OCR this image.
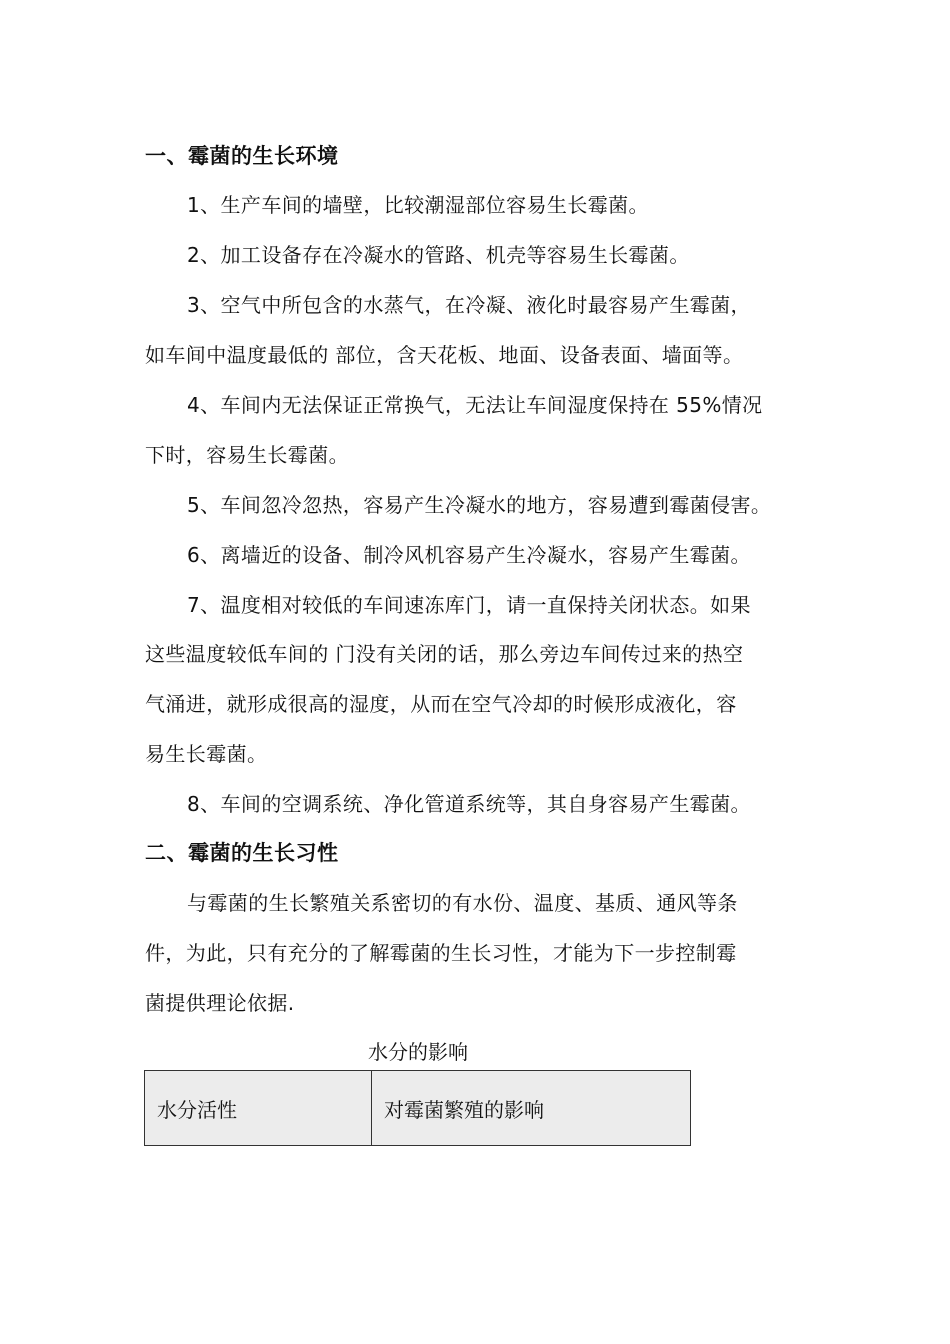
一、霉菌的生长环境
1、生产车间的墙壁，比较潮湿部位容易生长霉菌。
2、加工设备存在冷凝水的管路、机壳等容易生长霉菌。
3、空气中所包含的水蒸气，在冷凝、液化时最容易产生霉菌，
如车间中温度最低的 部位，含天花板、地面、设备表面、墙面等。
4、车间内无法保证正常换气，无法让车间湿度保持在 55%情况
下时，容易生长霉菌。
5、车间忽冷忽热，容易产生冷凝水的地方，容易遭到霉菌侵害。
6、离墙近的设备、制冷风机容易产生冷凝水，容易产生霉菌。
7、温度相对较低的车间速冻库门，请一直保持关闭状态。如果
这些温度较低车间的 门没有关闭的话，那么旁边车间传过来的热空
气涌进，就形成很高的湿度，从而在空气冷却的时候形成液化，容
易生长霉菌。
8、车间的空调系统、净化管道系统等，其自身容易产生霉菌。
二、霉菌的生长习性
与霉菌的生长繁殖关系密切的有水份、温度、基质、通风等条
件，为此，只有充分的了解霉菌的生长习性，才能为下一步控制霉
菌提供理论依据.
水分的影响
水分活性	对霉菌繁殖的影响
